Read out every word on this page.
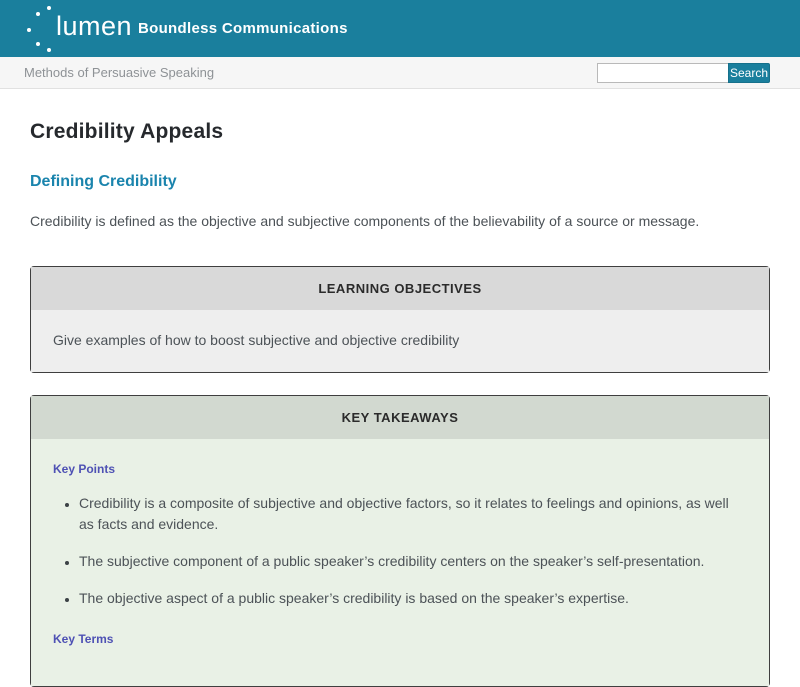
lumen Boundless Communications
Methods of Persuasive Speaking	Search
Credibility Appeals
Defining Credibility

Credibility is defined as the objective and subjective components of the believability of a source or message.

LEARNING OBJECTIVES
Give examples of how to boost subjective and objective credibility
KEY TAKEAWAYS
Key Points
• Credibility is a composite of subjective and objective factors, so it relates to feelings and opinions, as well as facts and evidence.
• The subjective component of a public speaker’s credibility centers on the speaker’s self-presentation.
• The objective aspect of a public speaker’s credibility is based on the speaker’s expertise.
Key Terms
